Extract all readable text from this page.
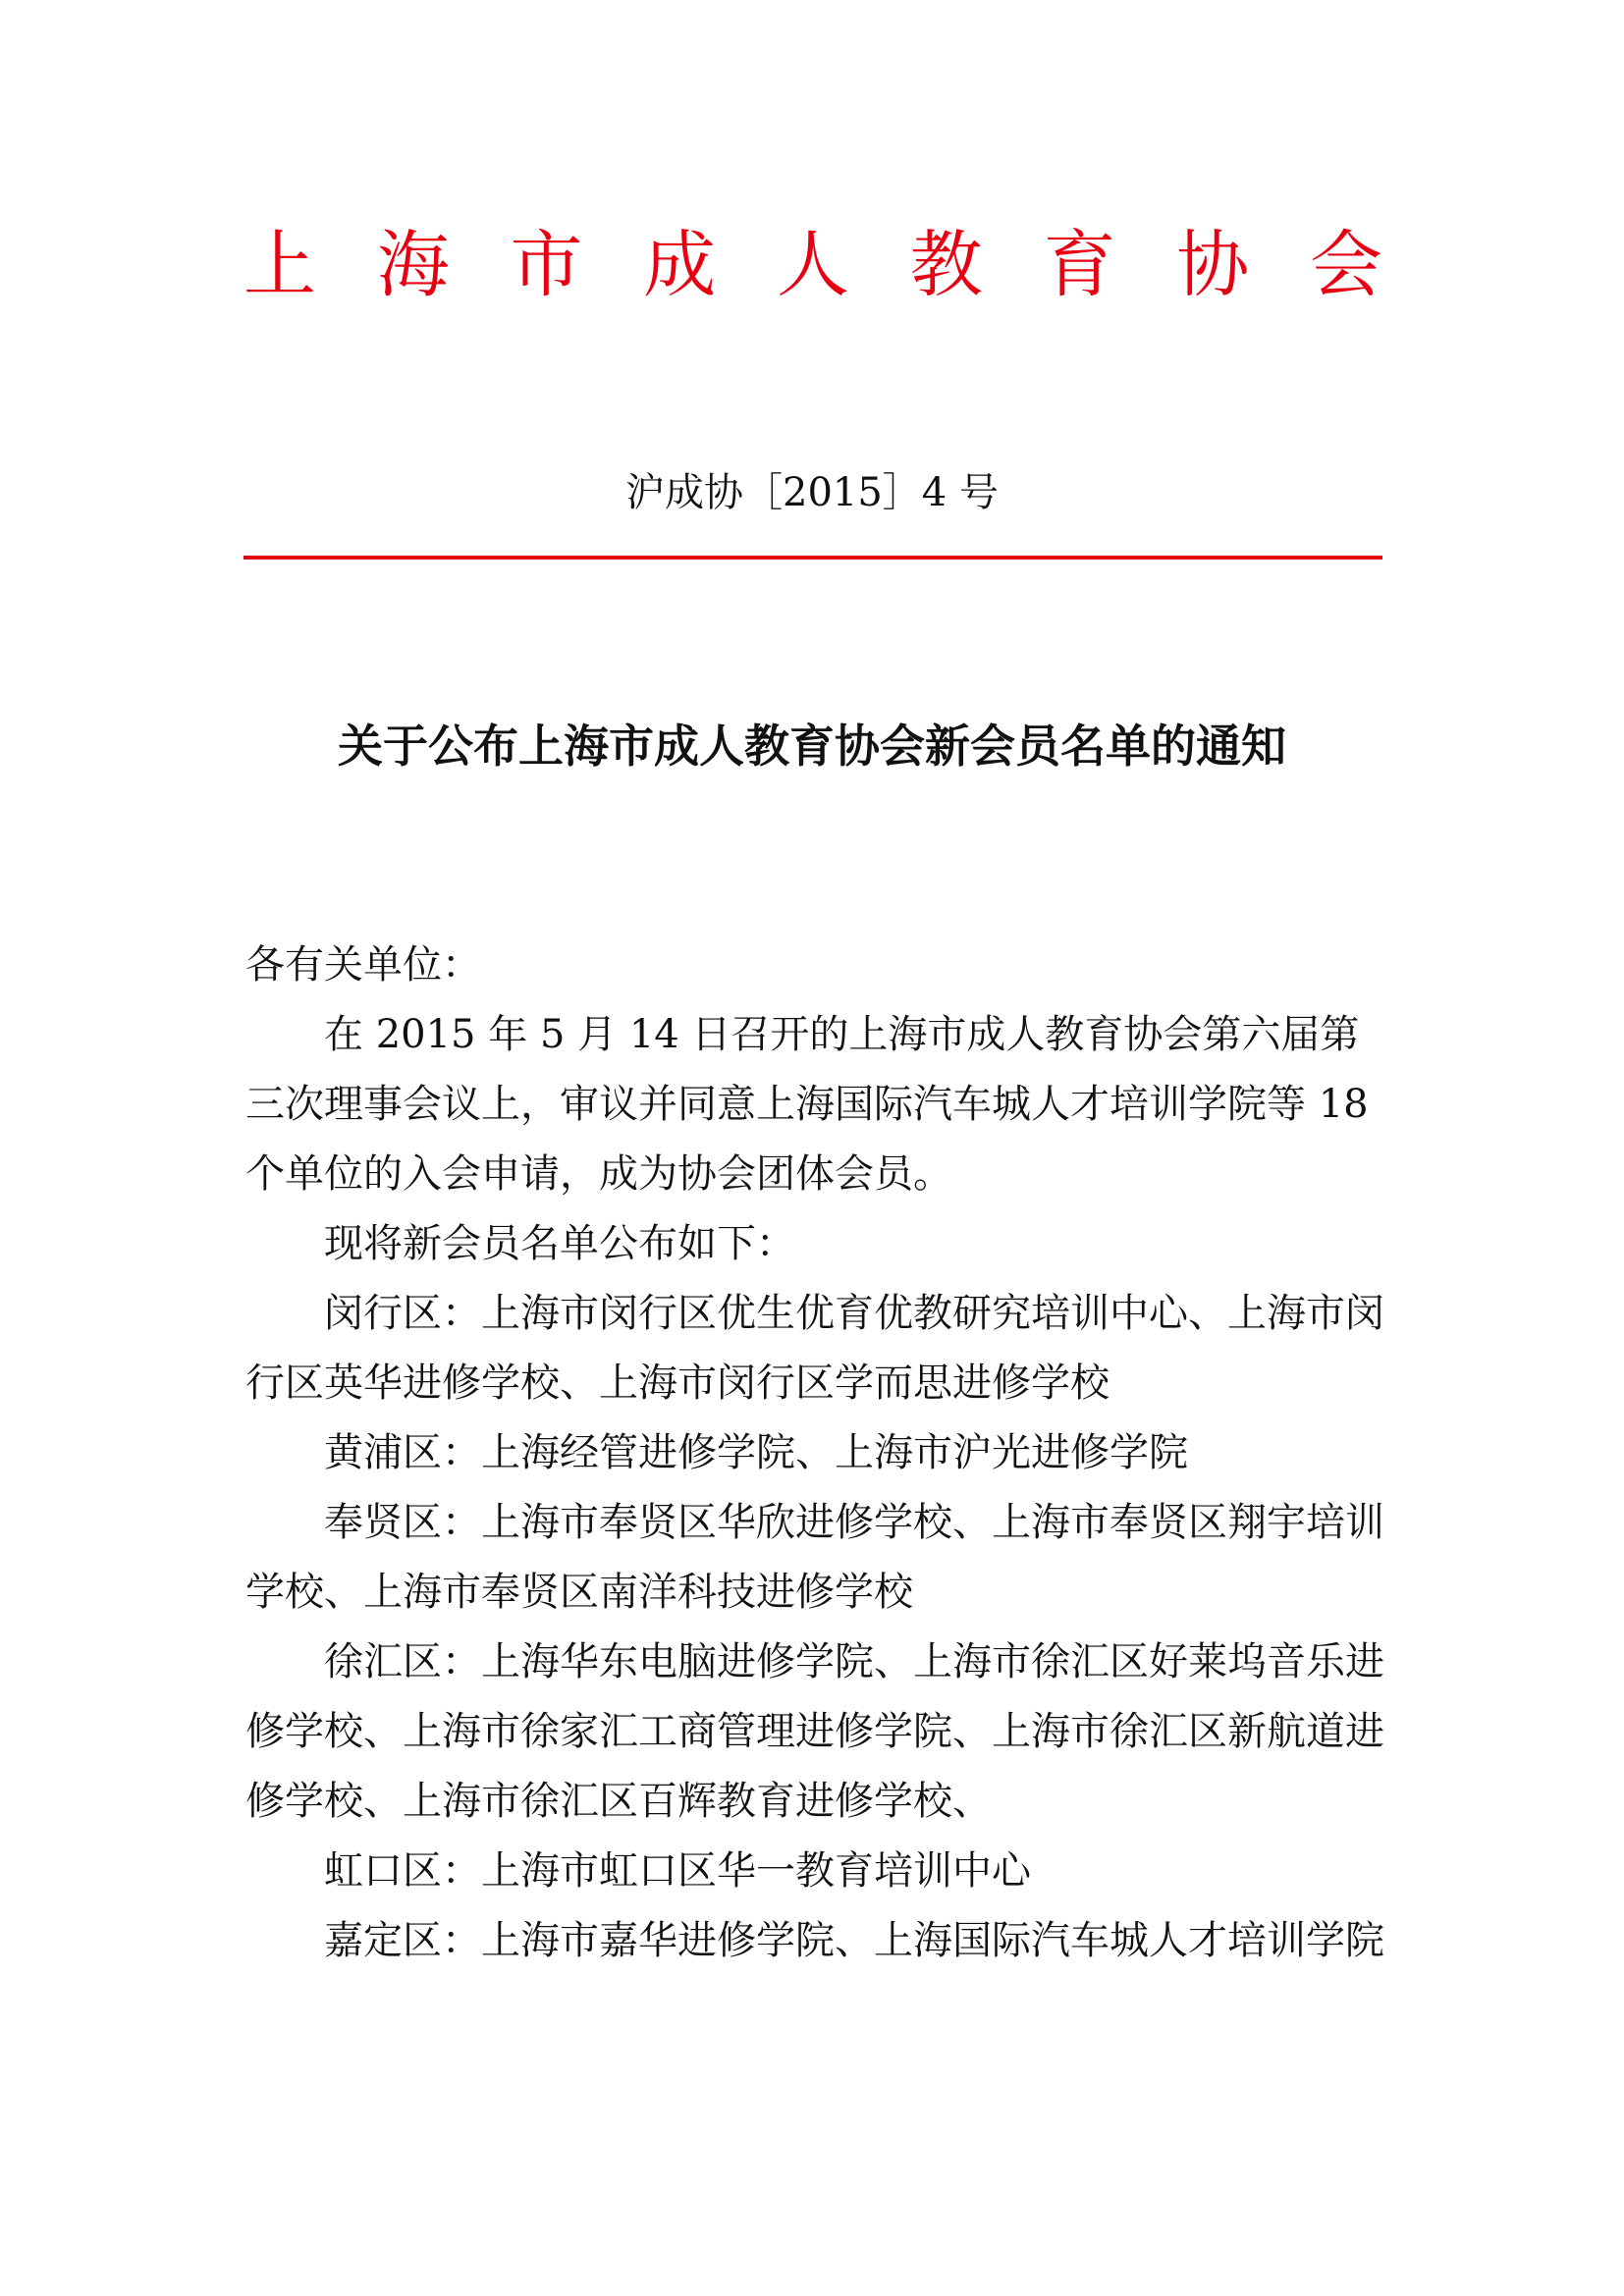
上 海 市 成 人 教 育 协 会
沪成协［2015］4 号
关于公布上海市成人教育协会新会员名单的通知

各有关单位：

在 2015 年 5 月 14 日召开的上海市成人教育协会第六届第三次理事会议上，审议并同意上海国际汽车城人才培训学院等 18 个单位的入会申请，成为协会团体会员。

现将新会员名单公布如下：

闵行区：上海市闵行区优生优育优教研究培训中心、上海市闵行区英华进修学校、上海市闵行区学而思进修学校

黄浦区：上海经管进修学院、上海市沪光进修学院

奉贤区：上海市奉贤区华欣进修学校、上海市奉贤区翔宇培训学校、上海市奉贤区南洋科技进修学校

徐汇区：上海华东电脑进修学院、上海市徐汇区好莱坞音乐进修学校、上海市徐家汇工商管理进修学院、上海市徐汇区新航道进修学校、上海市徐汇区百辉教育进修学校、

虹口区：上海市虹口区华一教育培训中心

嘉定区：上海市嘉华进修学院、上海国际汽车城人才培训学院
